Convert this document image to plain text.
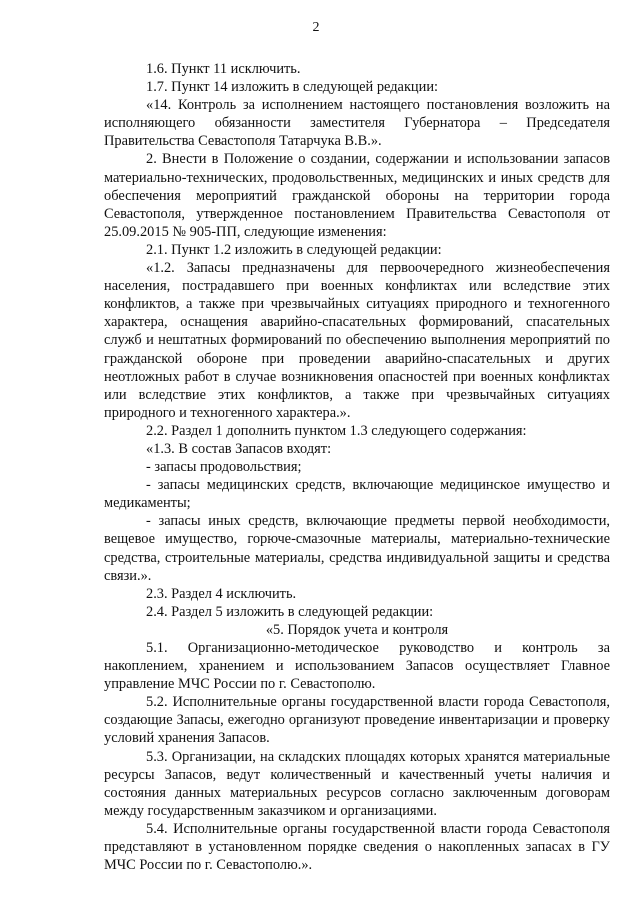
2

1.6. Пункт 11 исключить.

1.7. Пункт 14 изложить в следующей редакции:

«14. Контроль за исполнением настоящего постановления возложить на исполняющего обязанности заместителя Губернатора – Председателя Правительства Севастополя Татарчука В.В.».

2. Внести в Положение о создании, содержании и использовании запасов материально-технических, продовольственных, медицинских и иных средств для обеспечения мероприятий гражданской обороны на территории города Севастополя, утвержденное постановлением Правительства Севастополя от 25.09.2015 № 905-ПП, следующие изменения:

2.1. Пункт 1.2 изложить в следующей редакции:

«1.2. Запасы предназначены для первоочередного жизнеобеспечения населения, пострадавшего при военных конфликтах или вследствие этих конфликтов, а также при чрезвычайных ситуациях природного и техногенного характера, оснащения аварийно-спасательных формирований, спасательных служб и нештатных формирований по обеспечению выполнения мероприятий по гражданской обороне при проведении аварийно-спасательных и других неотложных работ в случае возникновения опасностей при военных конфликтах или вследствие этих конфликтов, а также при чрезвычайных ситуациях природного и техногенного характера.».

2.2. Раздел 1 дополнить пунктом 1.3 следующего содержания:

«1.3. В состав Запасов входят:

- запасы продовольствия;

- запасы медицинских средств, включающие медицинское имущество и медикаменты;

- запасы иных средств, включающие предметы первой необходимости, вещевое имущество, горюче-смазочные материалы, материально-технические средства, строительные материалы, средства индивидуальной защиты и средства связи.».

2.3. Раздел 4 исключить.

2.4. Раздел 5 изложить в следующей редакции:

«5. Порядок учета и контроля

5.1. Организационно-методическое руководство и контроль за накоплением, хранением и использованием Запасов осуществляет Главное управление МЧС России по г. Севастополю.

5.2. Исполнительные органы государственной власти города Севастополя, создающие Запасы, ежегодно организуют проведение инвентаризации и проверку условий хранения Запасов.

5.3. Организации, на складских площадях которых хранятся материальные ресурсы Запасов, ведут количественный и качественный учеты наличия и состояния данных материальных ресурсов согласно заключенным договорам между государственным заказчиком и организациями.

5.4. Исполнительные органы государственной власти города Севастополя представляют в установленном порядке сведения о накопленных запасах в ГУ МЧС России по г. Севастополю.».
